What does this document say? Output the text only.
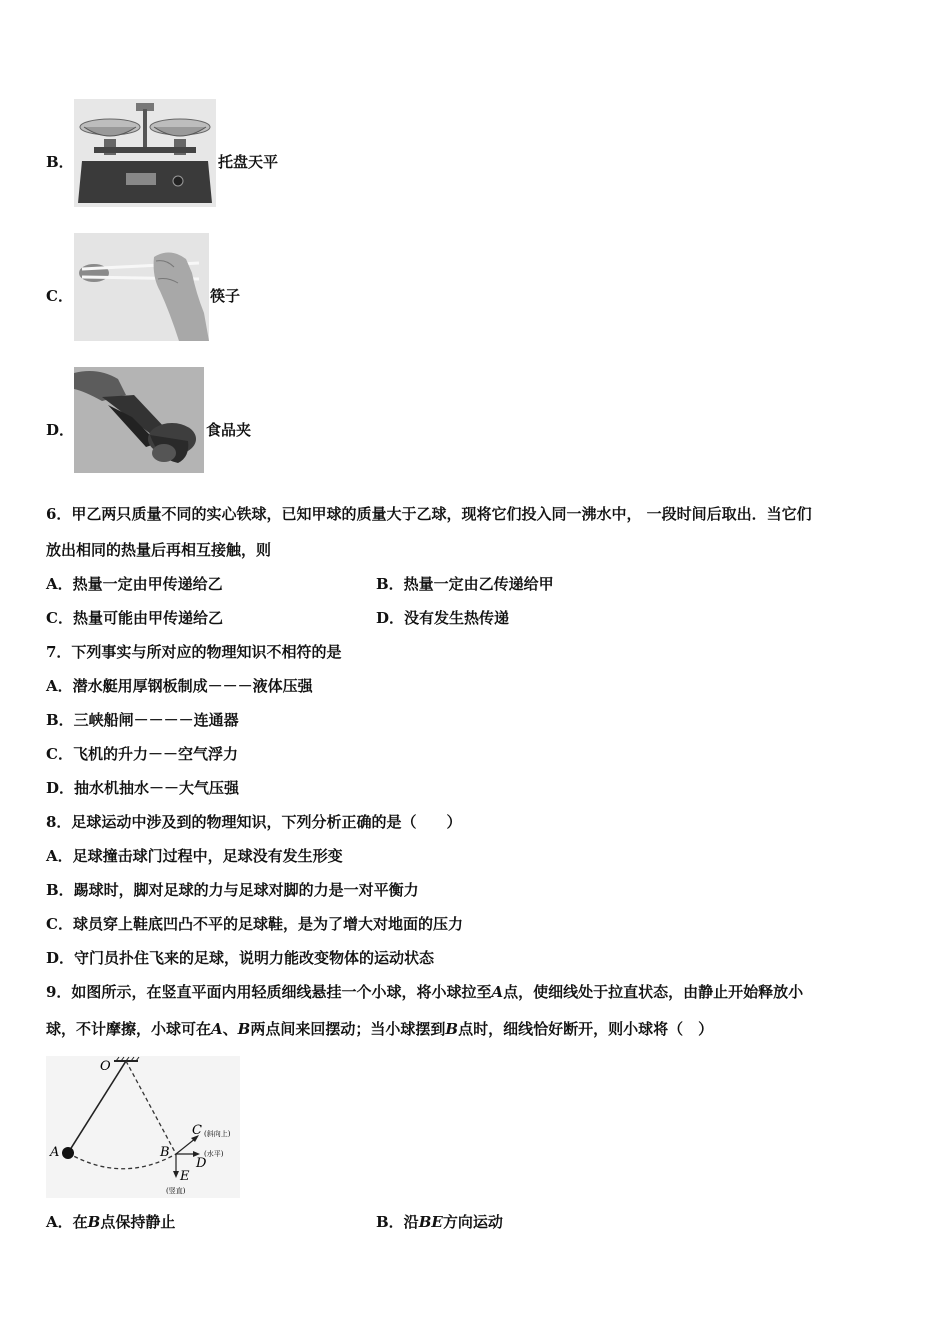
B．	托盘天平
C．	筷子
D．	食品夹
6．甲乙两只质量不同的实心铁球，已知甲球的质量大于乙球，现将它们投入同一沸水中， 一段时间后取出．当它们
放出相同的热量后再相互接触，则
A．热量一定由甲传递给乙	B．热量一定由乙传递给甲
C．热量可能由甲传递给乙	D．没有发生热传递
7．下列事实与所对应的物理知识不相符的是
A．潜水艇用厚钢板制成－－－液体压强
B．三峡船闸－－－－连通器
C．飞机的升力－－空气浮力
D．抽水机抽水－－大气压强
8．足球运动中涉及到的物理知识，下列分析正确的是（　　）
A．足球撞击球门过程中，足球没有发生形变
B．踢球时，脚对足球的力与足球对脚的力是一对平衡力
C．球员穿上鞋底凹凸不平的足球鞋，是为了增大对地面的压力
D．守门员扑住飞来的足球，说明力能改变物体的运动状态
9．如图所示，在竖直平面内用轻质细线悬挂一个小球，将小球拉至A点，使细线处于拉直状态，由静止开始释放小
球，不计摩擦，小球可在A、B两点间来回摆动；当小球摆到B点时，细线恰好断开，则小球将（　）
O
A	B
C (斜向上)
D
(水平)
E
(竖直)
A．在B点保持静止	B．沿BE方向运动
